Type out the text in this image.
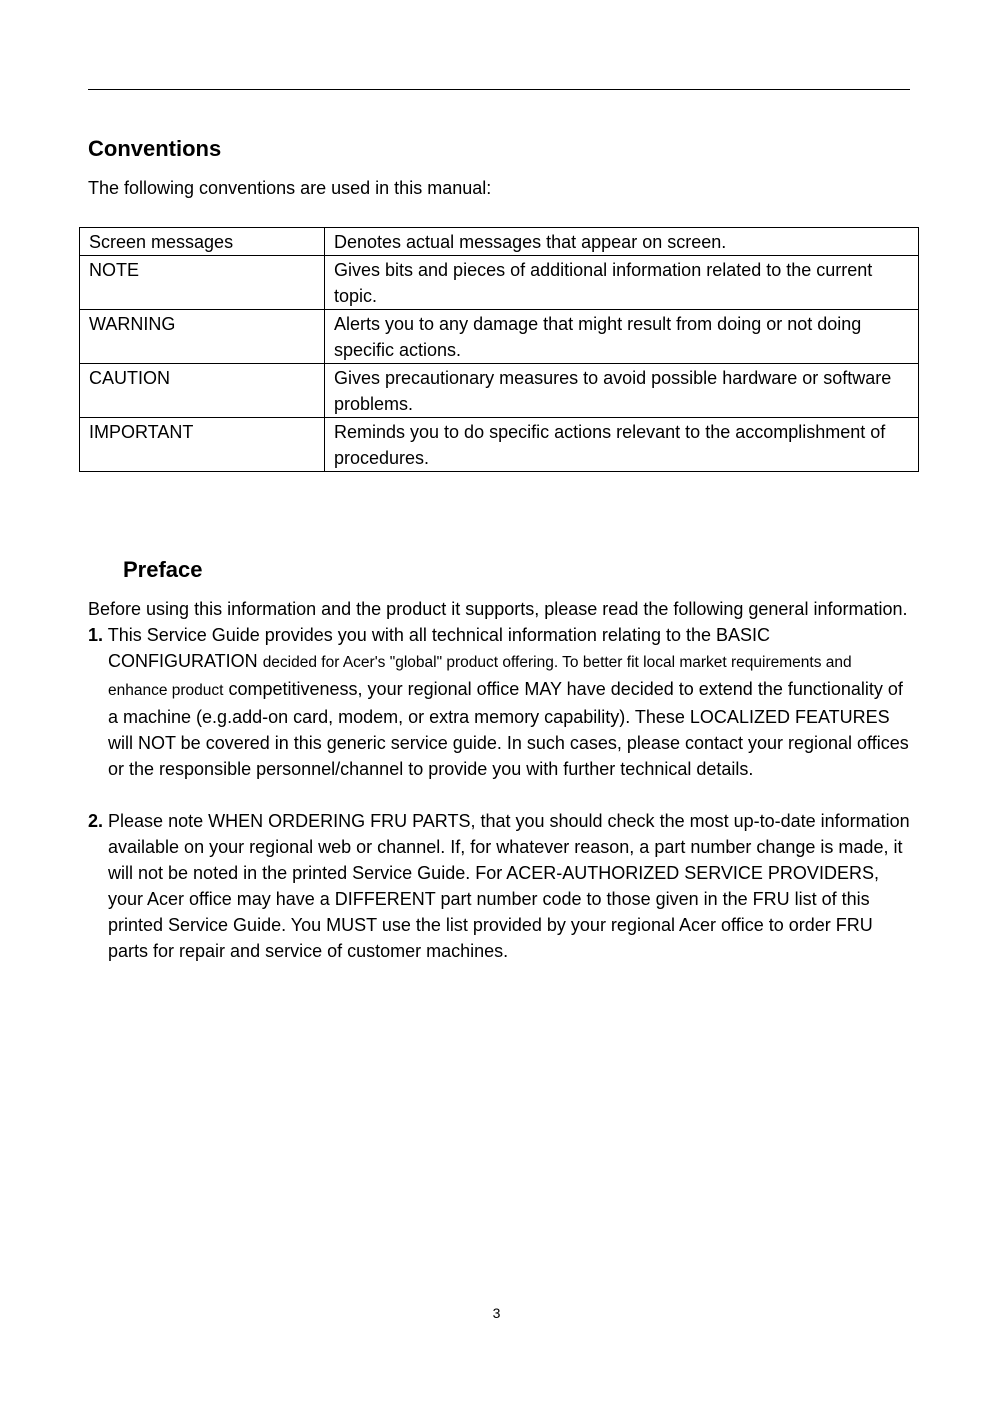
Conventions

The following conventions are used in this manual:

Screen messages	Denotes actual messages that appear on screen.
NOTE	Gives bits and pieces of additional information related to the current topic.
WARNING	Alerts you to any damage that might result from doing or not doing specific actions.
CAUTION	Gives precautionary measures to avoid possible hardware or software problems.
IMPORTANT	Reminds you to do specific actions relevant to the accomplishment of procedures.
Preface

Before using this information and the product it supports, please read the following general information.

1. This Service Guide provides you with all technical information relating to the BASIC CONFIGURATION decided for Acer's "global" product offering. To better fit local market requirements and enhance product competitiveness, your regional office MAY have decided to extend the functionality of a machine (e.g.add-on card, modem, or extra memory capability). These LOCALIZED FEATURES will NOT be covered in this generic service guide. In such cases, please contact your regional offices or the responsible personnel/channel to provide you with further technical details.

2. Please note WHEN ORDERING FRU PARTS, that you should check the most up-to-date information available on your regional web or channel. If, for whatever reason, a part number change is made, it will not be noted in the printed Service Guide. For ACER-AUTHORIZED SERVICE PROVIDERS, your Acer office may have a DIFFERENT part number code to those given in the FRU list of this printed Service Guide. You MUST use the list provided by your regional Acer office to order FRU parts for repair and service of customer machines.

3
